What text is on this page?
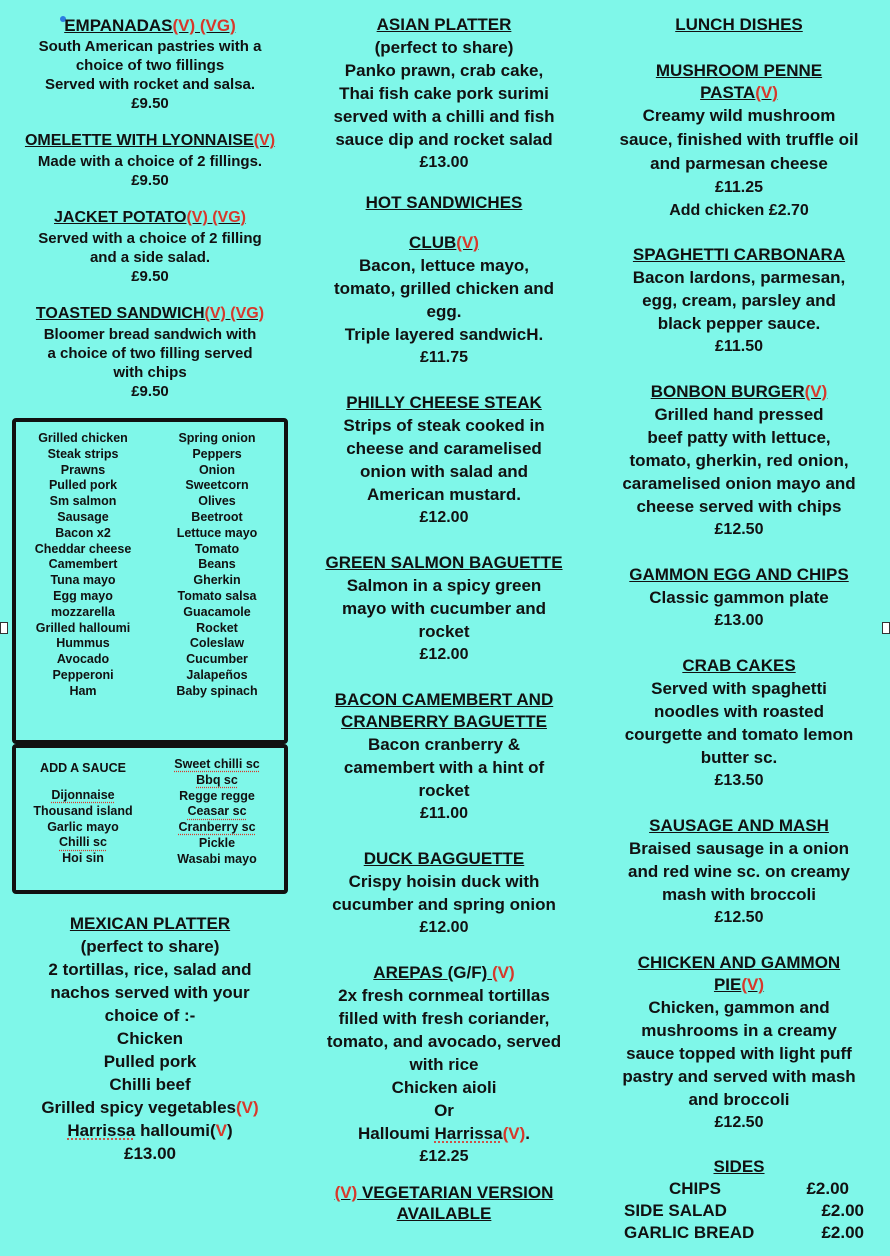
EMPANADAS(V) (VG)
South American pastries with a
choice of two fillings
Served with rocket and salsa.
£9.50
OMELETTE WITH LYONNAISE(V)
Made with a choice of 2 fillings.
£9.50
JACKET POTATO(V) (VG)
Served with a choice of 2 filling
and a side salad.
£9.50
TOASTED SANDWICH(V) (VG)
Bloomer bread sandwich with
a choice of two filling served
with chips
£9.50
Grilled chicken
Steak strips
Prawns
Pulled pork
Sm salmon
Sausage
Bacon x2
Cheddar cheese
Camembert
Tuna mayo
Egg mayo
mozzarella
Grilled halloumi
Hummus
Avocado
Pepperoni
Ham
Spring onion
Peppers
Onion
Sweetcorn
Olives
Beetroot
Lettuce mayo
Tomato
Beans
Gherkin
Tomato salsa
Guacamole
Rocket
Coleslaw
Cucumber
Jalapeños
Baby spinach
ADD A SAUCE
Dijonnaise
Thousand island
Garlic mayo
Chilli sc
Hoi sin
Sweet chilli sc
Bbq sc
Regge regge
Ceasar sc
Cranberry sc
Pickle
Wasabi mayo
MEXICAN PLATTER
(perfect to share)
2 tortillas, rice, salad and
nachos served with your
choice of :-
Chicken
Pulled pork
Chilli beef
Grilled spicy vegetables(V)
Harrissa halloumi(V)
£13.00
ASIAN PLATTER
(perfect to share)
Panko prawn, crab cake,
Thai fish cake pork surimi
served with a chilli and fish
sauce dip and rocket salad
£13.00
HOT SANDWICHES
CLUB(V)
Bacon, lettuce mayo,
tomato, grilled chicken and
egg.
Triple layered sandwicH.
£11.75
PHILLY CHEESE STEAK
Strips of steak cooked in
cheese and caramelised
onion with salad and
American mustard.
£12.00
GREEN SALMON BAGUETTE
Salmon in a spicy green
mayo with cucumber and
rocket
£12.00
BACON CAMEMBERT AND
CRANBERRY BAGUETTE
Bacon cranberry &
camembert with a hint of
rocket
£11.00
DUCK BAGGUETTE
Crispy hoisin duck with
cucumber and spring onion
£12.00
AREPAS (G/F) (V)
2x fresh cornmeal tortillas
filled with fresh coriander,
tomato, and avocado, served
with rice
Chicken aioli
Or
Halloumi Harrissa(V).
£12.25
(V) VEGETARIAN VERSION
AVAILABLE
LUNCH DISHES
MUSHROOM PENNE
PASTA(V)
Creamy wild mushroom
sauce, finished with truffle oil
and parmesan cheese
£11.25
Add chicken £2.70
SPAGHETTI CARBONARA
Bacon lardons, parmesan,
egg, cream, parsley and
black pepper sauce.
£11.50
BONBON BURGER(V)
Grilled hand pressed
beef patty with lettuce,
tomato, gherkin, red onion,
caramelised onion mayo and
cheese served with chips
£12.50
GAMMON EGG AND CHIPS
Classic gammon plate
£13.00
CRAB CAKES
Served with spaghetti
noodles with roasted
courgette and tomato lemon
butter sc.
£13.50
SAUSAGE AND MASH
Braised sausage in a onion
and red wine sc. on creamy
mash with broccoli
£12.50
CHICKEN AND GAMMON
PIE(V)
Chicken, gammon and
mushrooms in a creamy
sauce topped with light puff
pastry and served with mash
and broccoli
£12.50
SIDES
CHIPS	£2.00
SIDE SALAD	£2.00
GARLIC BREAD	£2.00
